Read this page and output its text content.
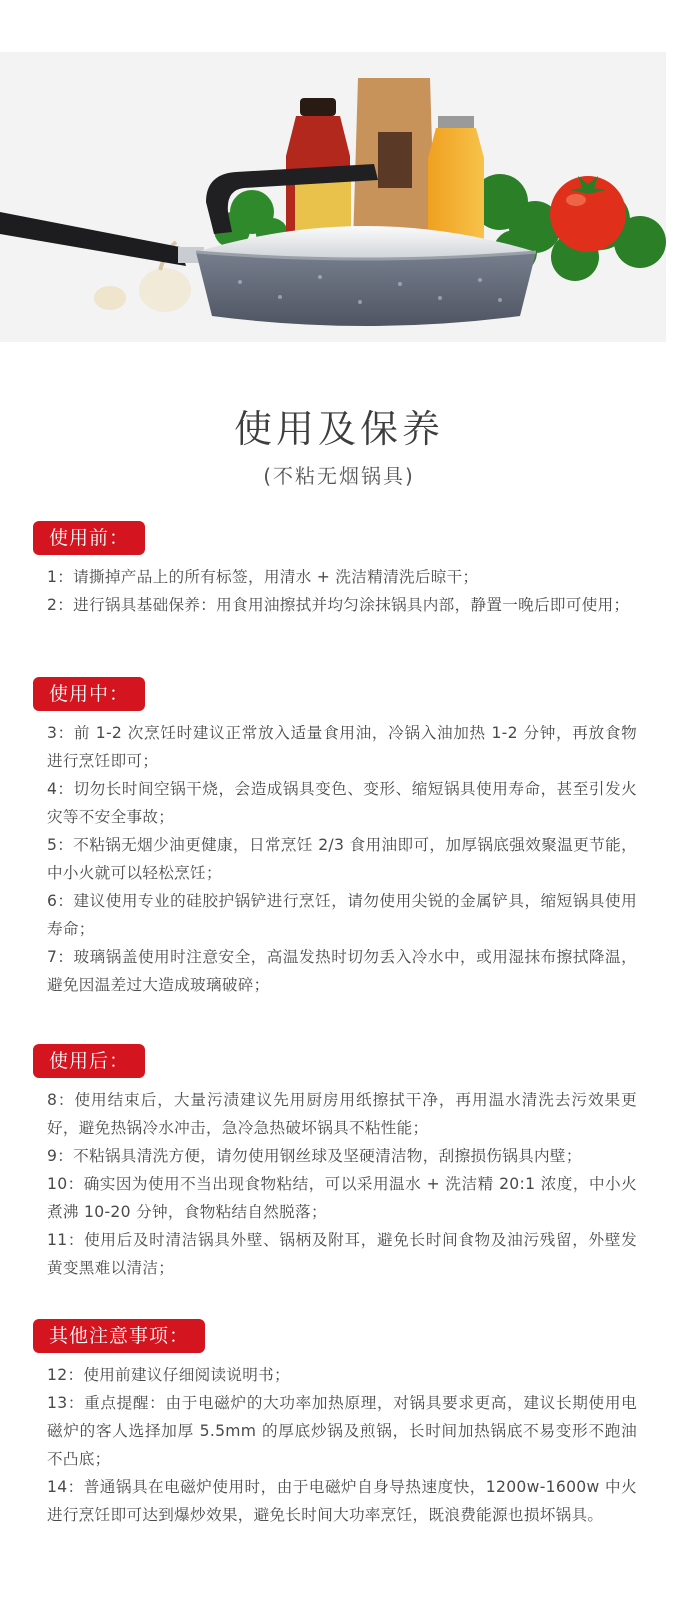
使用及保养
(不粘无烟锅具)
使用前：

1：请撕掉产品上的所有标签，用清水 + 洗洁精清洗后晾干；

2：进行锅具基础保养：用食用油擦拭并均匀涂抹锅具内部，静置一晚后即可使用；

使用中：

3：前 1-2 次烹饪时建议正常放入适量食用油，冷锅入油加热 1-2 分钟，再放食物进行烹饪即可；

4：切勿长时间空锅干烧，会造成锅具变色、变形、缩短锅具使用寿命，甚至引发火灾等不安全事故；

5：不粘锅无烟少油更健康，日常烹饪 2/3 食用油即可，加厚锅底强效聚温更节能，中小火就可以轻松烹饪；

6：建议使用专业的硅胶护锅铲进行烹饪，请勿使用尖锐的金属铲具，缩短锅具使用寿命；

7：玻璃锅盖使用时注意安全，高温发热时切勿丢入冷水中，或用湿抹布擦拭降温，避免因温差过大造成玻璃破碎；

使用后：

8：使用结束后，大量污渍建议先用厨房用纸擦拭干净，再用温水清洗去污效果更好，避免热锅冷水冲击，急冷急热破坏锅具不粘性能；

9：不粘锅具清洗方便，请勿使用钢丝球及坚硬清洁物，刮擦损伤锅具内壁；

10：确实因为使用不当出现食物粘结，可以采用温水 + 洗洁精 20:1 浓度，中小火煮沸 10-20 分钟，食物粘结自然脱落；

11：使用后及时清洁锅具外壁、锅柄及附耳，避免长时间食物及油污残留，外壁发黄变黑难以清洁；

其他注意事项：

12：使用前建议仔细阅读说明书；

13：重点提醒：由于电磁炉的大功率加热原理，对锅具要求更高，建议长期使用电磁炉的客人选择加厚 5.5mm 的厚底炒锅及煎锅，长时间加热锅底不易变形不跑油不凸底；

14：普通锅具在电磁炉使用时，由于电磁炉自身导热速度快，1200w-1600w 中火进行烹饪即可达到爆炒效果，避免长时间大功率烹饪，既浪费能源也损坏锅具。
